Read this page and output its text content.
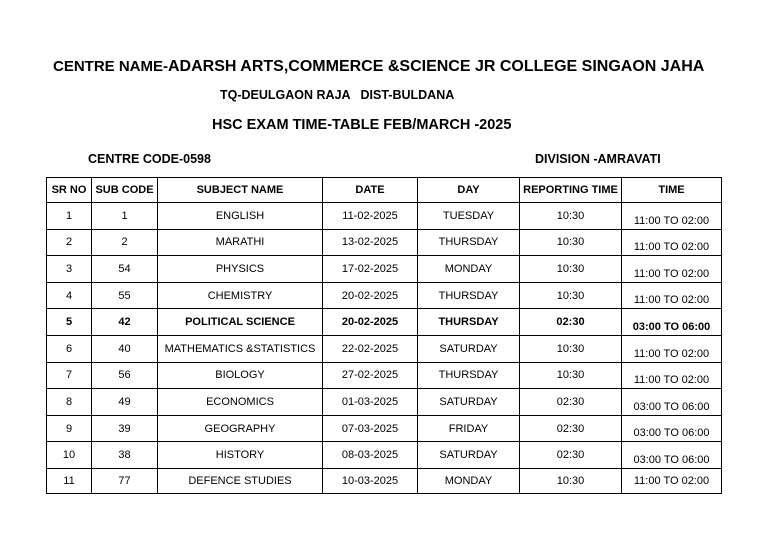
CENTRE NAME-ADARSH ARTS,COMMERCE &SCIENCE JR COLLEGE SINGAON JAHA
TQ-DEULGAON RAJA   DIST-BULDANA
HSC EXAM TIME-TABLE FEB/MARCH -2025
CENTRE CODE-0598	DIVISION -AMRAVATI
SR NO	SUB CODE	SUBJECT NAME	DATE	DAY	REPORTING TIME	TIME
1	1	ENGLISH	11-02-2025	TUESDAY	10:30	11:00 TO 02:00
2	2	MARATHI	13-02-2025	THURSDAY	10:30	11:00 TO 02:00
3	54	PHYSICS	17-02-2025	MONDAY	10:30	11:00 TO 02:00
4	55	CHEMISTRY	20-02-2025	THURSDAY	10:30	11:00 TO 02:00
5	42	POLITICAL SCIENCE	20-02-2025	THURSDAY	02:30	03:00 TO 06:00
6	40	MATHEMATICS &STATISTICS	22-02-2025	SATURDAY	10:30	11:00 TO 02:00
7	56	BIOLOGY	27-02-2025	THURSDAY	10:30	11:00 TO 02:00
8	49	ECONOMICS	01-03-2025	SATURDAY	02:30	03:00 TO 06:00
9	39	GEOGRAPHY	07-03-2025	FRIDAY	02:30	03:00 TO 06:00
10	38	HISTORY	08-03-2025	SATURDAY	02:30	03:00 TO 06:00
11	77	DEFENCE STUDIES	10-03-2025	MONDAY	10:30	11:00 TO 02:00
